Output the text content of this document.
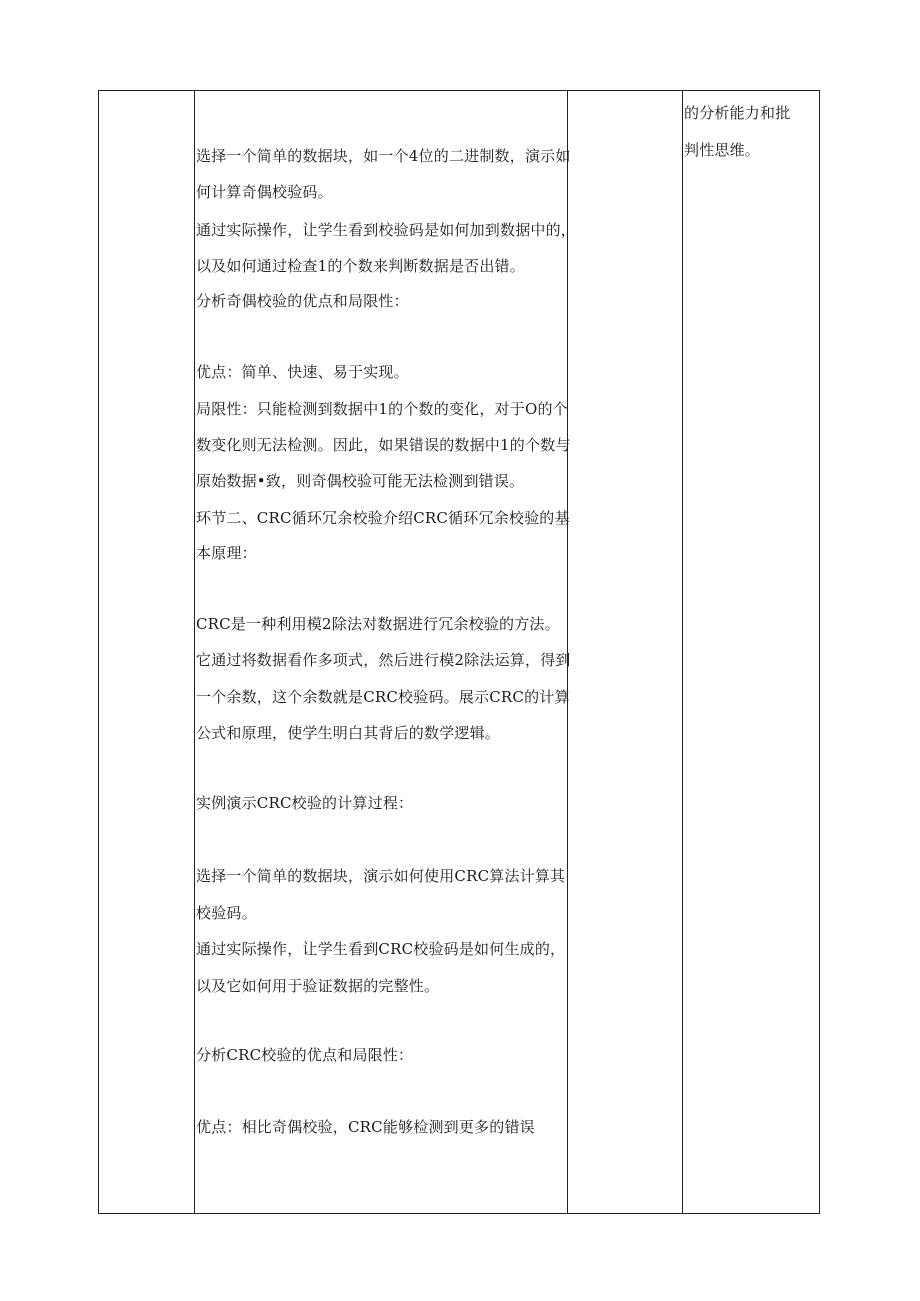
选择一个简单的数据块，如一个4位的二进制数，演示如
何计算奇偶校验码。
通过实际操作，让学生看到校验码是如何加到数据中的，
以及如何通过检查1的个数来判断数据是否出错。
分析奇偶校验的优点和局限性：
优点：简单、快速、易于实现。
局限性：只能检测到数据中1的个数的变化，对于O的个
数变化则无法检测。因此，如果错误的数据中1的个数与
原始数据•致，则奇偶校验可能无法检测到错误。
环节二、CRC循环冗余校验介绍CRC循环冗余校验的基
本原理：
CRC是一种利用模2除法对数据进行冗余校验的方法。
它通过将数据看作多项式，然后进行模2除法运算，得到
一个余数，这个余数就是CRC校验码。展示CRC的计算
公式和原理，使学生明白其背后的数学逻辑。
实例演示CRC校验的计算过程：
选择一个简单的数据块，演示如何使用CRC算法计算其
校验码。
通过实际操作，让学生看到CRC校验码是如何生成的，
以及它如何用于验证数据的完整性。
分析CRC校验的优点和局限性：
优点：相比奇偶校验，CRC能够检测到更多的错误
的分析能力和批
判性思维。
